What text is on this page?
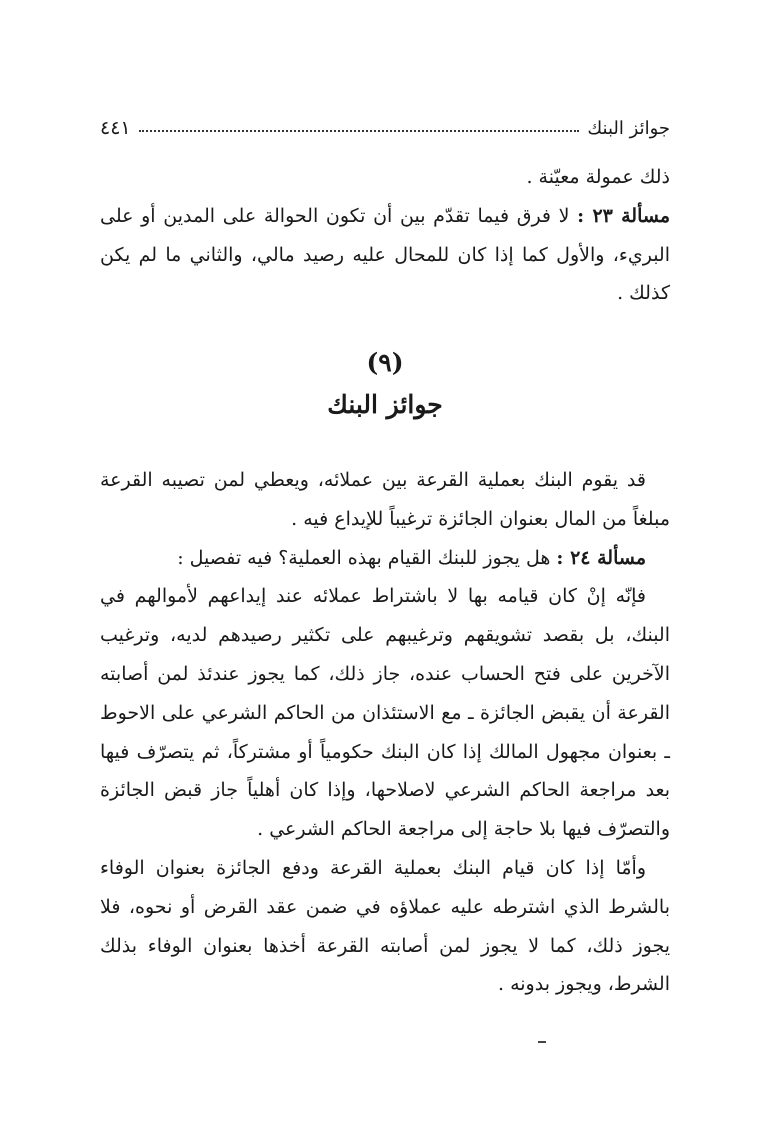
جوائز البنك
٤٤١

ذلك عمولة معيّنة .

مسألة ٢٣ : لا فرق فيما تقدّم بين أن تكون الحوالة على المدين أو على البريء، والأول كما إذا كان للمحال عليه رصيد مالي، والثاني ما لم يكن كذلك .

(٩)
جوائز البنك

قد يقوم البنك بعملية القرعة بين عملائه، ويعطي لمن تصيبه القرعة مبلغاً من المال بعنوان الجائزة ترغيباً للإيداع فيه .

مسألة ٢٤ : هل يجوز للبنك القيام بهذه العملية؟ فيه تفصيل :

فإنّه إنْ كان قيامه بها لا باشتراط عملائه عند إيداعهم لأموالهم في البنك، بل بقصد تشويقهم وترغيبهم على تكثير رصيدهم لديه، وترغيب الآخرين على فتح الحساب عنده، جاز ذلك، كما يجوز عندئذ لمن أصابته القرعة أن يقبض الجائزة ـ مع الاستئذان من الحاكم الشرعي على الاحوط ـ بعنوان مجهول المالك إذا كان البنك حكومياً أو مشتركاً، ثم يتصرّف فيها بعد مراجعة الحاكم الشرعي لاصلاحها، وإذا كان أهلياً جاز قبض الجائزة والتصرّف فيها بلا حاجة إلى مراجعة الحاكم الشرعي .

وأمّا إذا كان قيام البنك بعملية القرعة ودفع الجائزة بعنوان الوفاء بالشرط الذي اشترطه عليه عملاؤه في ضمن عقد القرض أو نحوه، فلا يجوز ذلك، كما لا يجوز لمن أصابته القرعة أخذها بعنوان الوفاء بذلك الشرط، ويجوز بدونه .
